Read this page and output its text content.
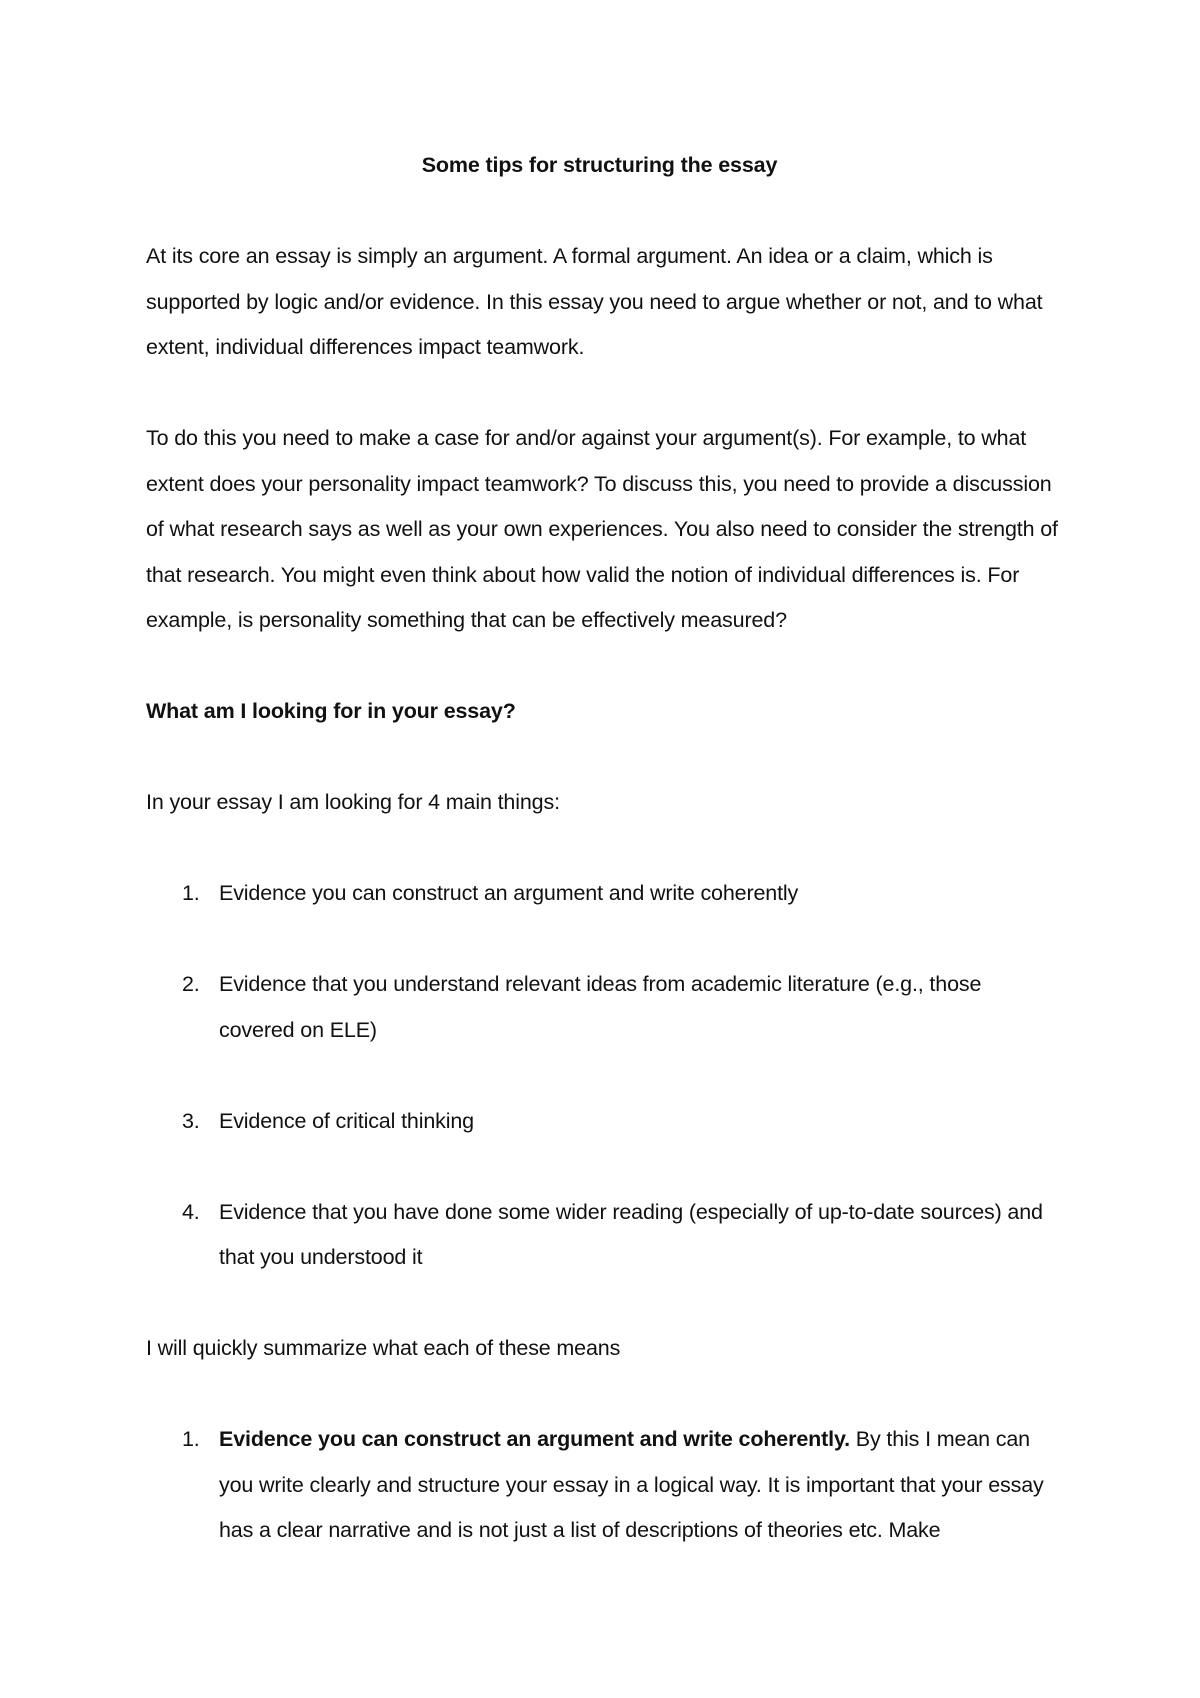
Some tips for structuring the essay

At its core an essay is simply an argument. A formal argument. An idea or a claim, which is supported by logic and/or evidence. In this essay you need to argue whether or not, and to what extent, individual differences impact teamwork.

To do this you need to make a case for and/or against your argument(s). For example, to what extent does your personality impact teamwork? To discuss this, you need to provide a discussion of what research says as well as your own experiences. You also need to consider the strength of that research. You might even think about how valid the notion of individual differences is. For example, is personality something that can be effectively measured?

What am I looking for in your essay?

In your essay I am looking for 4 main things:

1. Evidence you can construct an argument and write coherently
2. Evidence that you understand relevant ideas from academic literature (e.g., those covered on ELE)
3. Evidence of critical thinking
4. Evidence that you have done some wider reading (especially of up-to-date sources) and that you understood it

I will quickly summarize what each of these means

1. Evidence you can construct an argument and write coherently. By this I mean can you write clearly and structure your essay in a logical way. It is important that your essay has a clear narrative and is not just a list of descriptions of theories etc. Make
